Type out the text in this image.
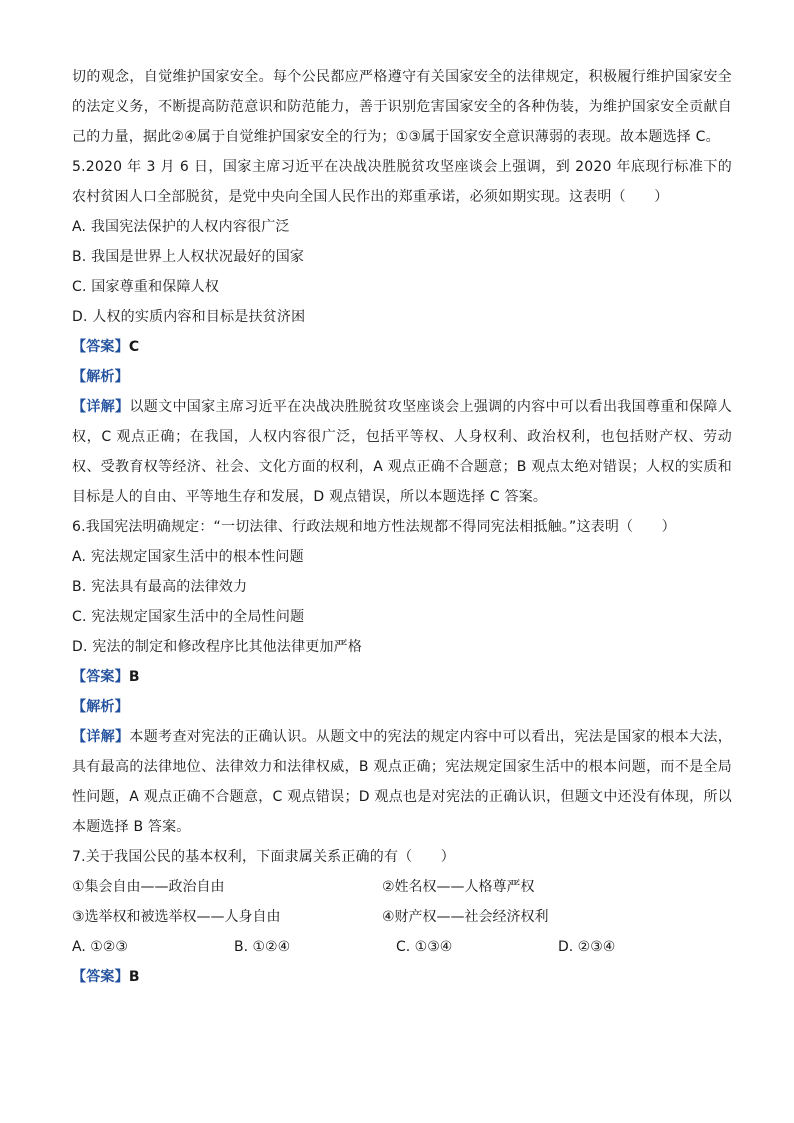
切的观念，自觉维护国家安全。每个公民都应严格遵守有关国家安全的法律规定，积极履行维护国家安全的法定义务，不断提高防范意识和防范能力，善于识别危害国家安全的各种伪装，为维护国家安全贡献自己的力量，据此②④属于自觉维护国家安全的行为；①③属于国家安全意识薄弱的表现。故本题选择 C。
5.2020 年 3 月 6 日，国家主席习近平在决战决胜脱贫攻坚座谈会上强调，到 2020 年底现行标准下的农村贫困人口全部脱贫，是党中央向全国人民作出的郑重承诺，必须如期实现。这表明（　　）
A. 我国宪法保护的人权内容很广泛
B. 我国是世界上人权状况最好的国家
C. 国家尊重和保障人权
D. 人权的实质内容和目标是扶贫济困
【答案】C
【解析】
【详解】以题文中国家主席习近平在决战决胜脱贫攻坚座谈会上强调的内容中可以看出我国尊重和保障人权，C 观点正确；在我国，人权内容很广泛，包括平等权、人身权利、政治权利，也包括财产权、劳动权、受教育权等经济、社会、文化方面的权利，A 观点正确不合题意；B 观点太绝对错误；人权的实质和目标是人的自由、平等地生存和发展，D 观点错误，所以本题选择 C 答案。
6.我国宪法明确规定：“一切法律、行政法规和地方性法规都不得同宪法相抵触。”这表明（　　）
A. 宪法规定国家生活中的根本性问题
B. 宪法具有最高的法律效力
C. 宪法规定国家生活中的全局性问题
D. 宪法的制定和修改程序比其他法律更加严格
【答案】B
【解析】
【详解】本题考查对宪法的正确认识。从题文中的宪法的规定内容中可以看出，宪法是国家的根本大法，具有最高的法律地位、法律效力和法律权威，B 观点正确；宪法规定国家生活中的根本问题，而不是全局性问题，A 观点正确不合题意，C 观点错误；D 观点也是对宪法的正确认识，但题文中还没有体现，所以本题选择 B 答案。
7.关于我国公民的基本权利，下面隶属关系正确的有（　　）
①集会自由——政治自由	②姓名权——人格尊严权
③选举权和被选举权——人身自由	④财产权——社会经济权利
A. ①②③	B. ①②④	C. ①③④	D. ②③④
【答案】B
